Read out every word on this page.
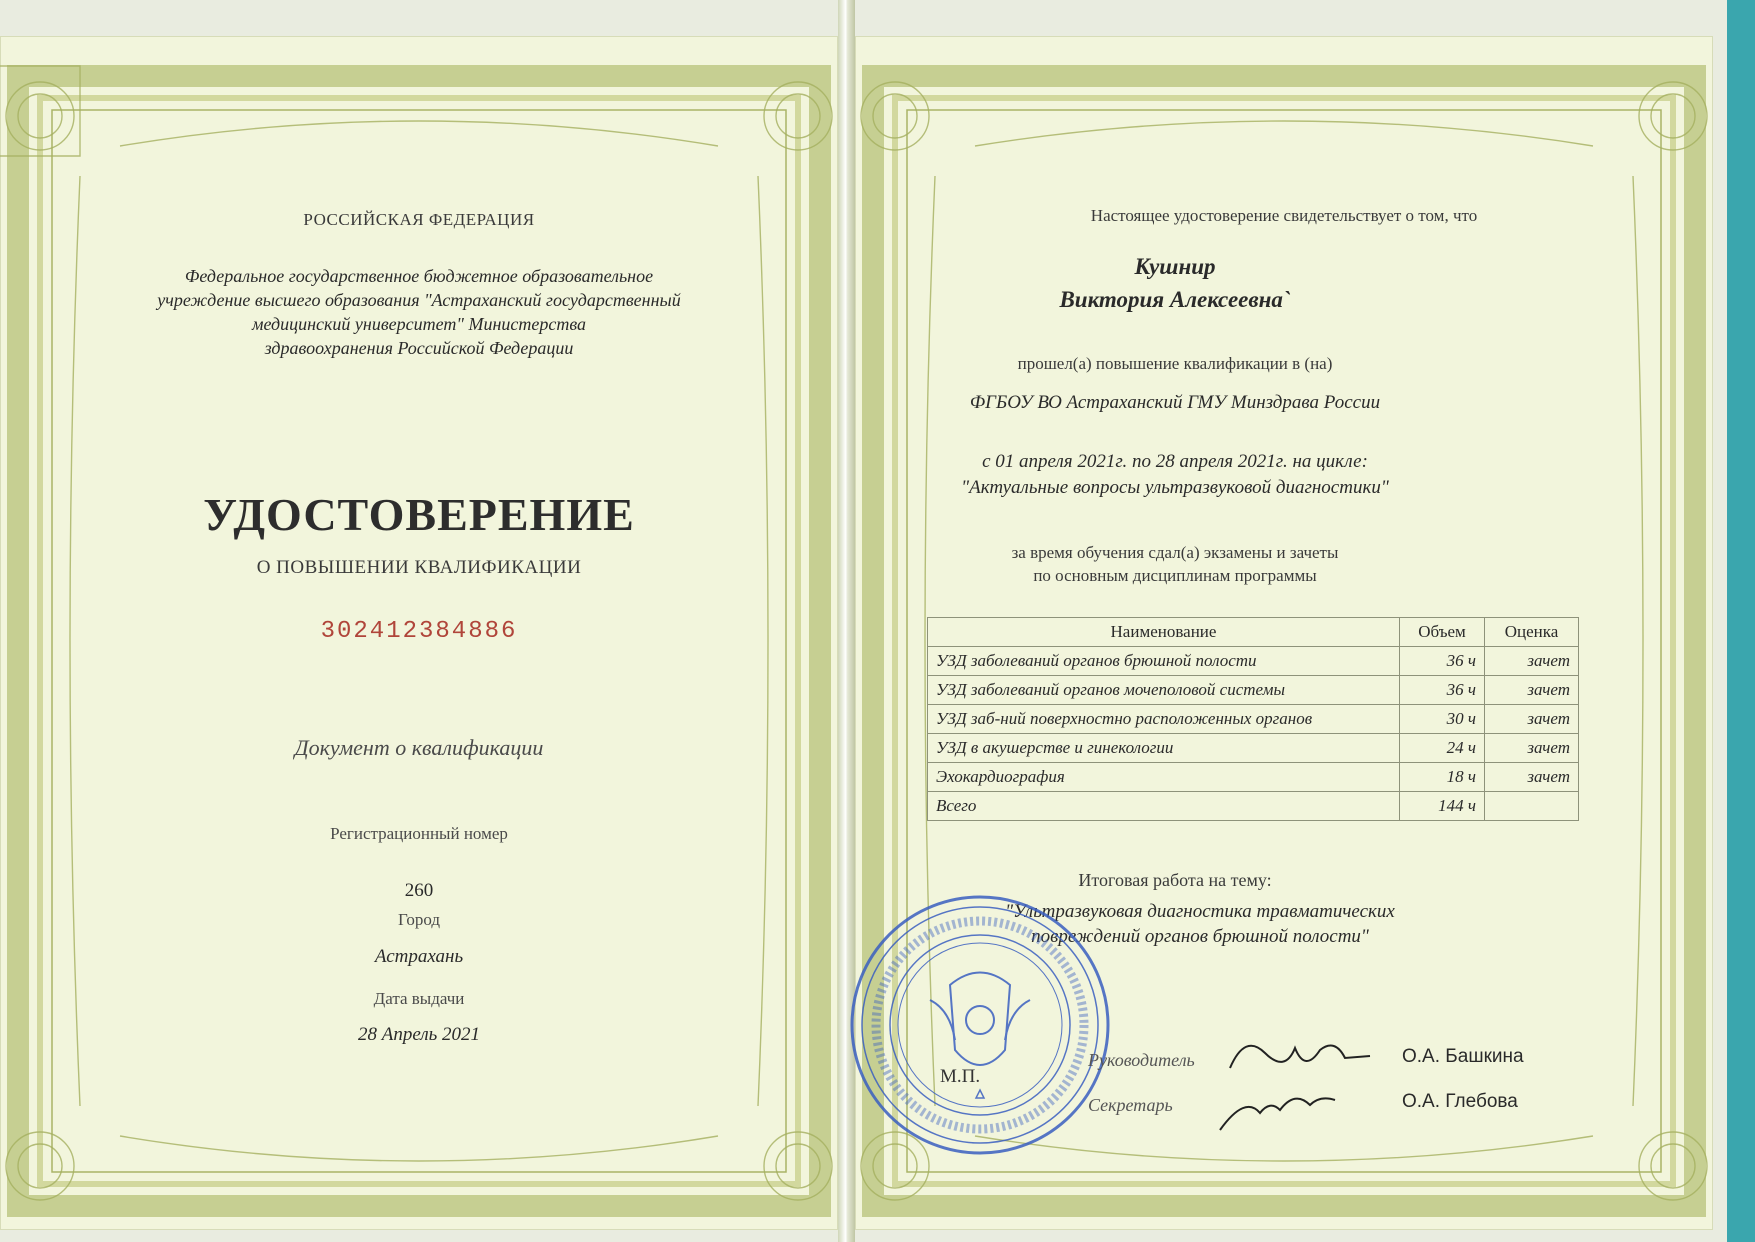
РОССИЙСКАЯ ФЕДЕРАЦИЯ
Федеральное государственное бюджетное образовательное
учреждение высшего образования "Астраханский государственный
медицинский университет" Министерства
здравоохранения Российской Федерации
УДОСТОВЕРЕНИЕ
О ПОВЫШЕНИИ КВАЛИФИКАЦИИ
302412384886
Документ о квалификации
Регистрационный номер
260
Город
Астрахань
Дата выдачи
28 Апрель 2021
Настоящее удостоверение свидетельствует о том, что
Кушнир
Виктория Алексеевна`
прошел(а) повышение квалификации в (на)
ФГБОУ ВО Астраханский ГМУ Минздрава России
с 01 апреля 2021г. по 28 апреля 2021г. на цикле:
"Актуальные вопросы ультразвуковой диагностики"
за время обучения сдал(а) экзамены и зачеты
по основным дисциплинам программы
Наименование	Объем	Оценка
УЗД заболеваний органов брюшной полости	36 ч	зачет
УЗД заболеваний органов мочеполовой системы	36 ч	зачет
УЗД заб-ний поверхностно расположенных органов	30 ч	зачет
УЗД в акушерстве и гинекологии	24 ч	зачет
Эхокардиография	18 ч	зачет
Всего	144 ч	
Итоговая работа на тему:
"Ультразвуковая диагностика травматических
повреждений органов брюшной полости"
М.П.
Руководитель	О.А. Башкина
Секретарь	О.А. Глебова
